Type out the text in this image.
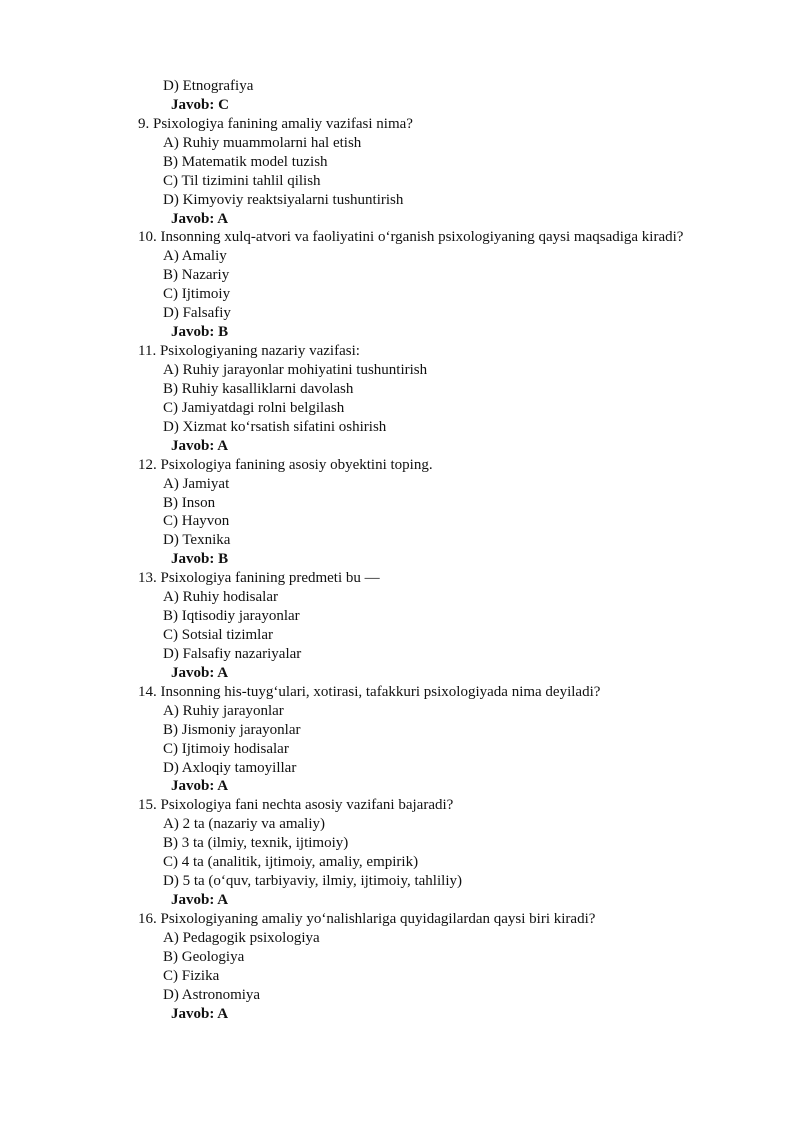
D) Etnografiya
Javob: C
9. Psixologiya fanining amaliy vazifasi nima?
A) Ruhiy muammolarni hal etish
B) Matematik model tuzish
C) Til tizimini tahlil qilish
D) Kimyoviy reaktsiyalarni tushuntirish
Javob: A
10. Insonning xulq-atvori va faoliyatini oʻrganish psixologiyaning qaysi maqsadiga kiradi?
A) Amaliy
B) Nazariy
C) Ijtimoiy
D) Falsafiy
Javob: B
11. Psixologiyaning nazariy vazifasi:
A) Ruhiy jarayonlar mohiyatini tushuntirish
B) Ruhiy kasalliklarni davolash
C) Jamiyatdagi rolni belgilash
D) Xizmat koʻrsatish sifatini oshirish
Javob: A
12. Psixologiya fanining asosiy obyektini toping.
A) Jamiyat
B) Inson
C) Hayvon
D) Texnika
Javob: B
13. Psixologiya fanining predmeti bu —
A) Ruhiy hodisalar
B) Iqtisodiy jarayonlar
C) Sotsial tizimlar
D) Falsafiy nazariyalar
Javob: A
14. Insonning his-tuygʻulari, xotirasi, tafakkuri psixologiyada nima deyiladi?
A) Ruhiy jarayonlar
B) Jismoniy jarayonlar
C) Ijtimoiy hodisalar
D) Axloqiy tamoyillar
Javob: A
15. Psixologiya fani nechta asosiy vazifani bajaradi?
A) 2 ta (nazariy va amaliy)
B) 3 ta (ilmiy, texnik, ijtimoiy)
C) 4 ta (analitik, ijtimoiy, amaliy, empirik)
D) 5 ta (oʻquv, tarbiyaviy, ilmiy, ijtimoiy, tahliliy)
Javob: A
16. Psixologiyaning amaliy yoʻnalishlariga quyidagilardan qaysi biri kiradi?
A) Pedagogik psixologiya
B) Geologiya
C) Fizika
D) Astronomiya
Javob: A
